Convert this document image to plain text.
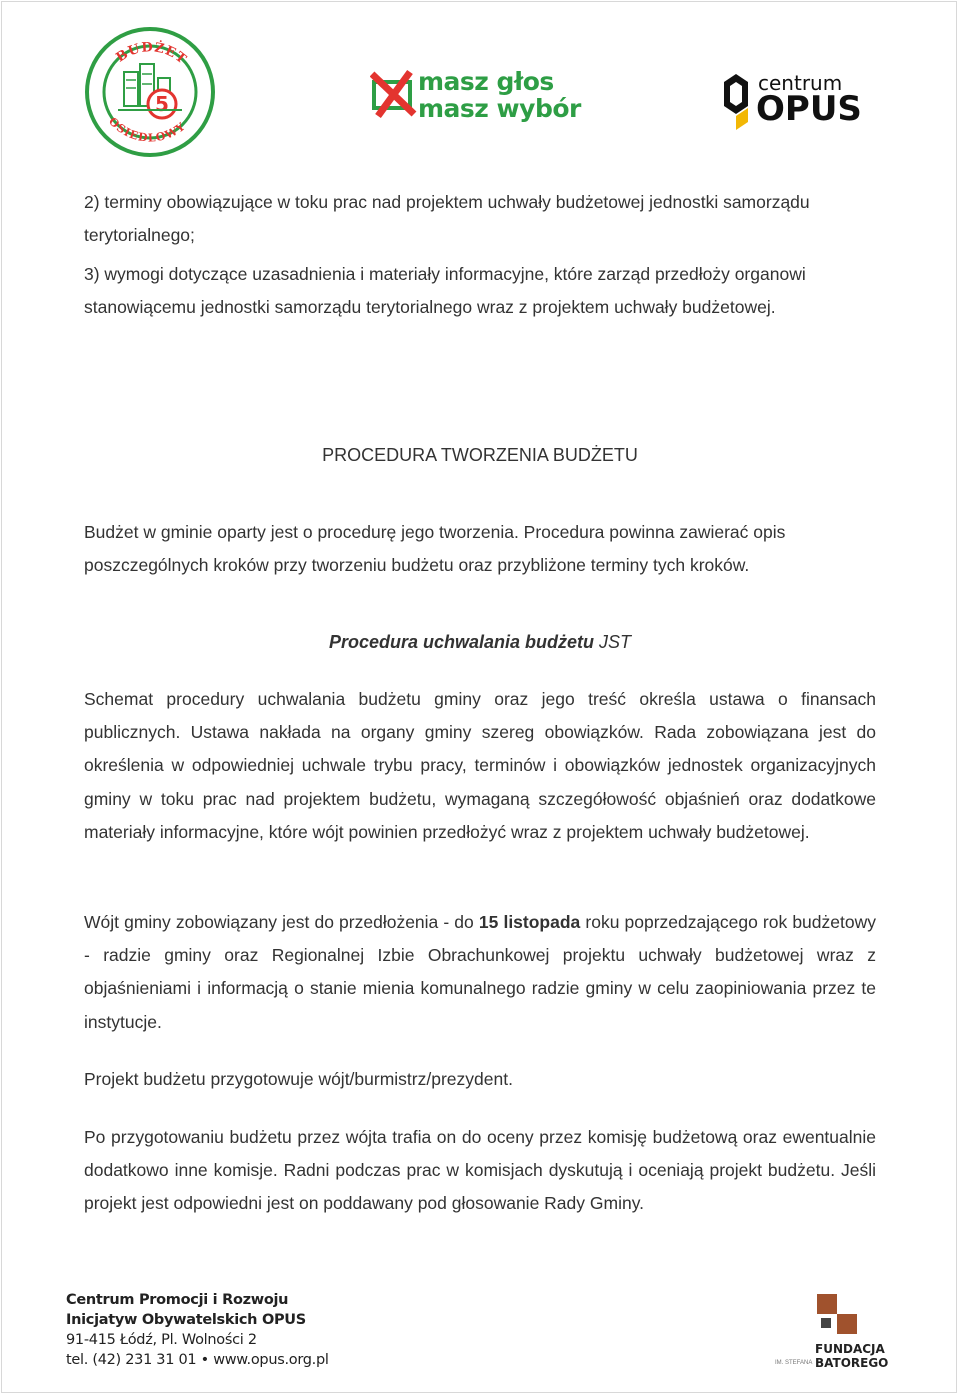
5
BUDŻET
OSIEDLOWY
masz głos
masz wybór
centrum
OPUS

2) terminy obowiązujące w toku prac nad projektem uchwały budżetowej jednostki samorządu terytorialnego;

3) wymogi dotyczące uzasadnienia i materiały informacyjne, które zarząd przedłoży organowi stanowiącemu jednostki samorządu terytorialnego wraz z projektem uchwały budżetowej.

PROCEDURA TWORZENIA BUDŻETU

Budżet w gminie oparty jest o procedurę jego tworzenia. Procedura powinna zawierać opis poszczególnych kroków przy tworzeniu budżetu oraz przybliżone terminy tych kroków.

Procedura uchwalania budżetu JST

Schemat procedury uchwalania budżetu gminy oraz jego treść określa ustawa o finansach publicznych. Ustawa nakłada na organy gminy szereg obowiązków. Rada zobowiązana jest do określenia w odpowiedniej uchwale trybu pracy, terminów i obowiązków jednostek organizacyjnych gminy w toku prac nad projektem budżetu, wymaganą szczegółowość objaśnień oraz dodatkowe materiały informacyjne, które wójt powinien przedłożyć wraz z projektem uchwały budżetowej.

Wójt gminy zobowiązany jest do przedłożenia - do 15 listopada roku poprzedzającego rok budżetowy - radzie gminy oraz Regionalnej Izbie Obrachunkowej projektu uchwały budżetowej wraz z objaśnieniami i informacją o stanie mienia komunalnego radzie gminy w celu zaopiniowania przez te instytucje.

Projekt budżetu przygotowuje wójt/burmistrz/prezydent.

Po przygotowaniu budżetu przez wójta trafia on do oceny przez komisję budżetową oraz ewentualnie dodatkowo inne komisje. Radni podczas prac w komisjach dyskutują i oceniają projekt budżetu. Jeśli projekt jest odpowiedni jest on poddawany pod głosowanie Rady Gminy.

Centrum Promocji i Rozwoju
Inicjatyw Obywatelskich OPUS
91-415 Łódź, Pl. Wolności 2
tel. (42) 231 31 01 • www.opus.org.pl
FUNDACJA
BATOREGO
IM. STEFANA
